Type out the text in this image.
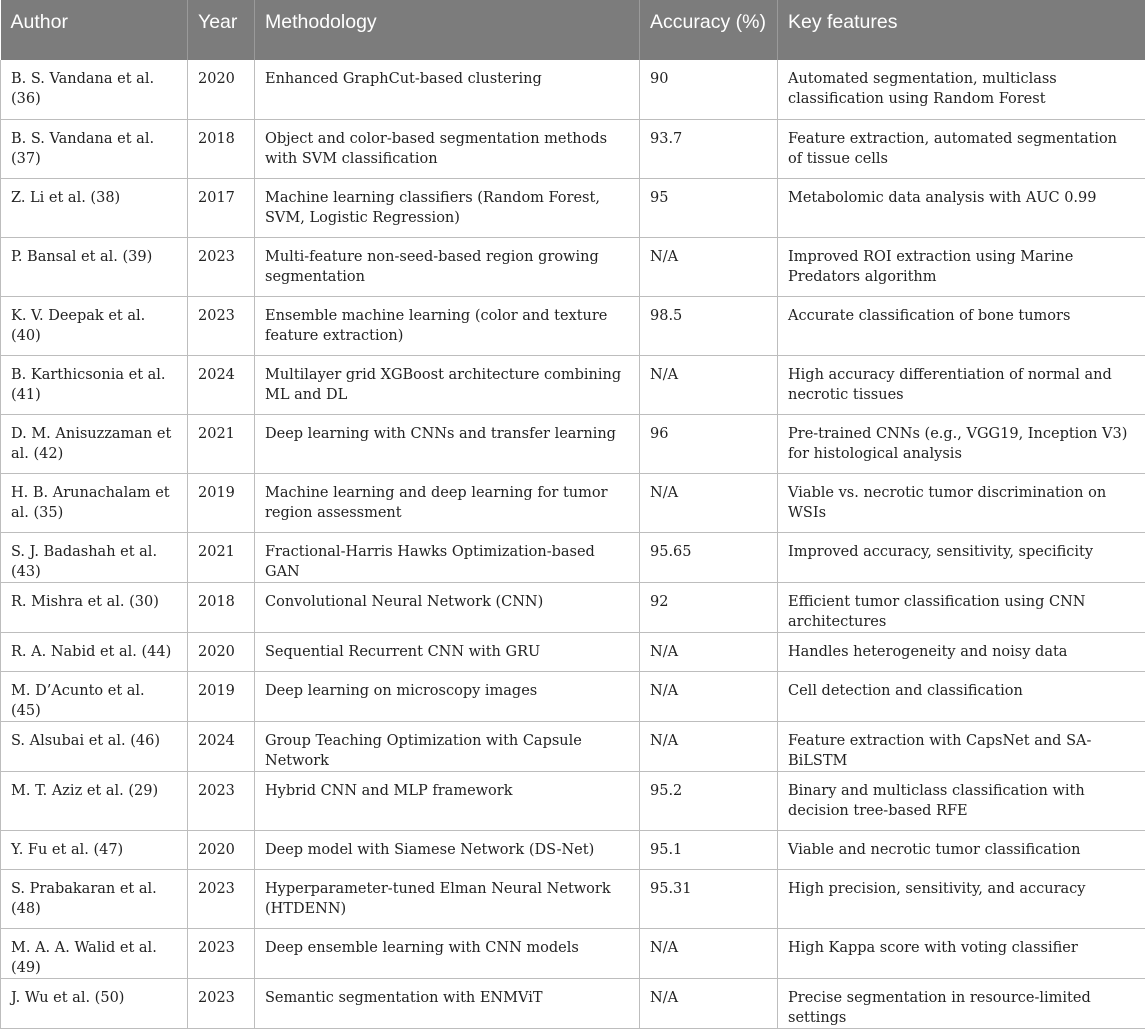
Author	Year	Methodology	Accuracy (%)	Key features
B. S. Vandana et al. (36)	2020	Enhanced GraphCut-based clustering	90	Automated segmentation, multiclass classification using Random Forest
B. S. Vandana et al. (37)	2018	Object and color-based segmentation methods with SVM classification	93.7	Feature extraction, automated segmentation of tissue cells
Z. Li et al. (38)	2017	Machine learning classifiers (Random Forest, SVM, Logistic Regression)	95	Metabolomic data analysis with AUC 0.99
P. Bansal et al. (39)	2023	Multi-feature non-seed-based region growing segmentation	N/A	Improved ROI extraction using Marine Predators algorithm
K. V. Deepak et al. (40)	2023	Ensemble machine learning (color and texture feature extraction)	98.5	Accurate classification of bone tumors
B. Karthicsonia et al. (41)	2024	Multilayer grid XGBoost architecture combining ML and DL	N/A	High accuracy differentiation of normal and necrotic tissues
D. M. Anisuzzaman et al. (42)	2021	Deep learning with CNNs and transfer learning	96	Pre-trained CNNs (e.g., VGG19, Inception V3) for histological analysis
H. B. Arunachalam et al. (35)	2019	Machine learning and deep learning for tumor region assessment	N/A	Viable vs. necrotic tumor discrimination on WSIs
S. J. Badashah et al. (43)	2021	Fractional-Harris Hawks Optimization-based GAN	95.65	Improved accuracy, sensitivity, specificity
R. Mishra et al. (30)	2018	Convolutional Neural Network (CNN)	92	Efficient tumor classification using CNN architectures
R. A. Nabid et al. (44)	2020	Sequential Recurrent CNN with GRU	N/A	Handles heterogeneity and noisy data
M. D’Acunto et al. (45)	2019	Deep learning on microscopy images	N/A	Cell detection and classification
S. Alsubai et al. (46)	2024	Group Teaching Optimization with Capsule Network	N/A	Feature extraction with CapsNet and SA-BiLSTM
M. T. Aziz et al. (29)	2023	Hybrid CNN and MLP framework	95.2	Binary and multiclass classification with decision tree-based RFE
Y. Fu et al. (47)	2020	Deep model with Siamese Network (DS-Net)	95.1	Viable and necrotic tumor classification
S. Prabakaran et al. (48)	2023	Hyperparameter-tuned Elman Neural Network (HTDENN)	95.31	High precision, sensitivity, and accuracy
M. A. A. Walid et al. (49)	2023	Deep ensemble learning with CNN models	N/A	High Kappa score with voting classifier
J. Wu et al. (50)	2023	Semantic segmentation with ENMViT	N/A	Precise segmentation in resource-limited settings
